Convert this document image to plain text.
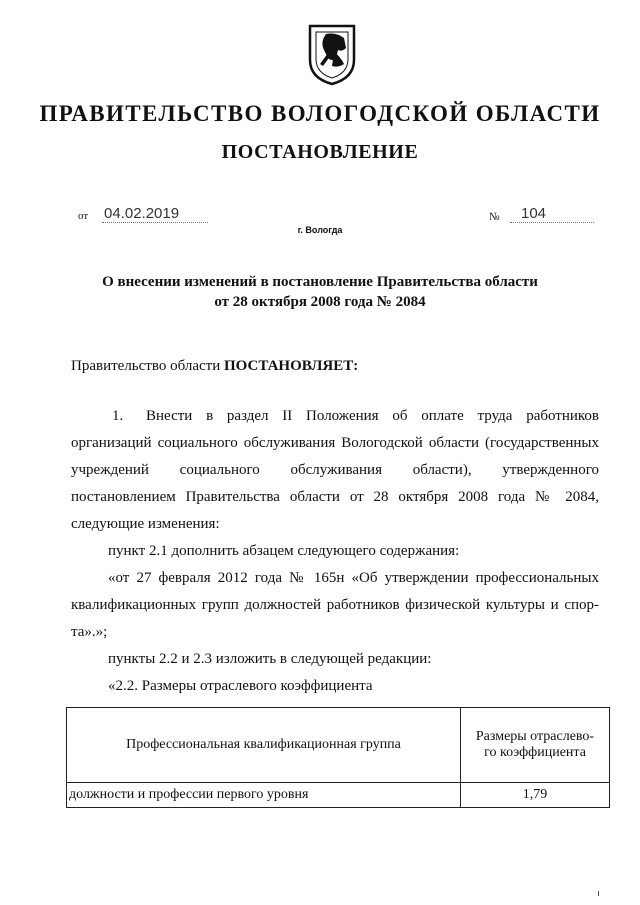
ПРАВИТЕЛЬСТВО ВОЛОГОДСКОЙ ОБЛАСТИ
ПОСТАНОВЛЕНИЕ
от 04.02.2019	№ 104
г. Вологда
О внесении изменений в постановление Правительства области
от 28 октября 2008 года № 2084
Правительство области ПОСТАНОВЛЯЕТ:
1.	Внести в раздел II Положения об оплате труда работников
организаций социального обслуживания Вологодской области (государственных
учреждений социального обслуживания области), утвержденного
постановлением Правительства области от 28 октября 2008 года № 2084,
следующие изменения:
пункт 2.1 дополнить абзацем следующего содержания:
«от 27 февраля 2012 года № 165н «Об утверждении профессиональных
квалификационных групп должностей работников физической культуры и спор-
та».»;
пункты 2.2 и 2.3 изложить в следующей редакции:
«2.2. Размеры отраслевого коэффициента
Профессиональная квалификационная группа	Размеры отраслево-
го коэффициента

должности и профессии первого уровня	1,79
